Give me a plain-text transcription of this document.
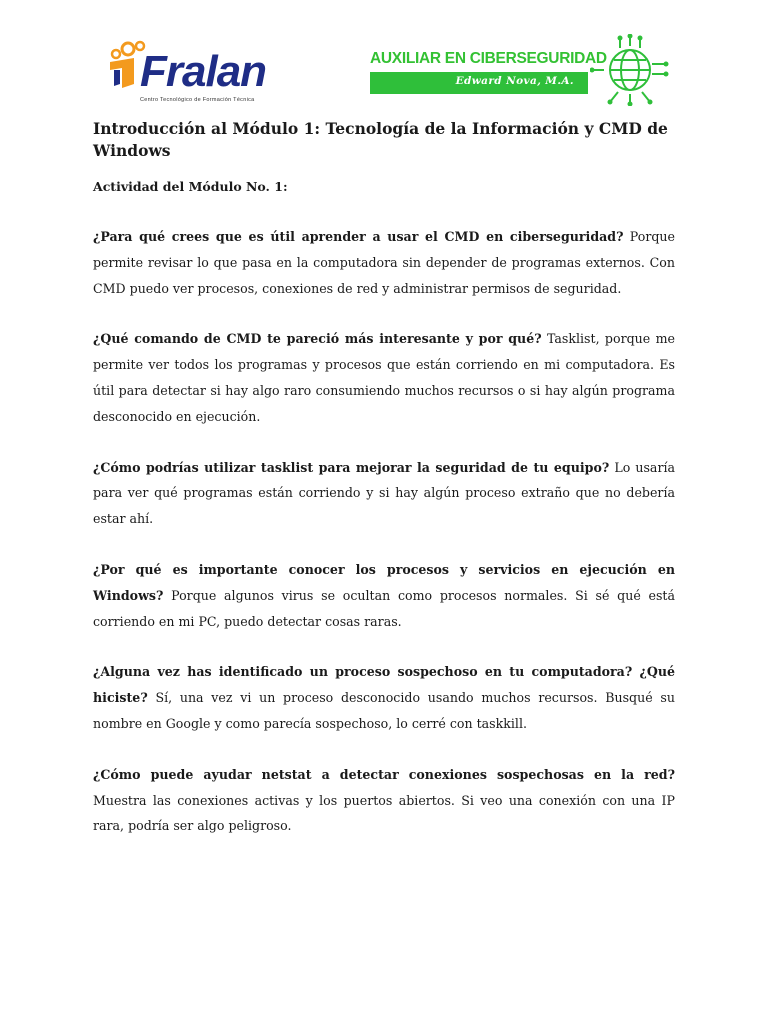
Fralan
Centro Tecnológico de Formación Técnica
AUXILIAR EN CIBERSEGURIDAD
Edward Nova, M.A.
Introducción al Módulo 1: Tecnología de la Información y CMD de Windows

Actividad del Módulo No. 1:

¿Para qué crees que es útil aprender a usar el CMD en ciberseguridad? Porque permite revisar lo que pasa en la computadora sin depender de programas externos. Con CMD puedo ver procesos, conexiones de red y administrar permisos de seguridad.

¿Qué comando de CMD te pareció más interesante y por qué? Tasklist, porque me permite ver todos los programas y procesos que están corriendo en mi computadora. Es útil para detectar si hay algo raro consumiendo muchos recursos o si hay algún programa desconocido en ejecución.

¿Cómo podrías utilizar tasklist para mejorar la seguridad de tu equipo? Lo usaría para ver qué programas están corriendo y si hay algún proceso extraño que no debería estar ahí.

¿Por qué es importante conocer los procesos y servicios en ejecución en Windows? Porque algunos virus se ocultan como procesos normales. Si sé qué está corriendo en mi PC, puedo detectar cosas raras.

¿Alguna vez has identificado un proceso sospechoso en tu computadora? ¿Qué hiciste? Sí, una vez vi un proceso desconocido usando muchos recursos. Busqué su nombre en Google y como parecía sospechoso, lo cerré con taskkill.

¿Cómo puede ayudar netstat a detectar conexiones sospechosas en la red? Muestra las conexiones activas y los puertos abiertos. Si veo una conexión con una IP rara, podría ser algo peligroso.
